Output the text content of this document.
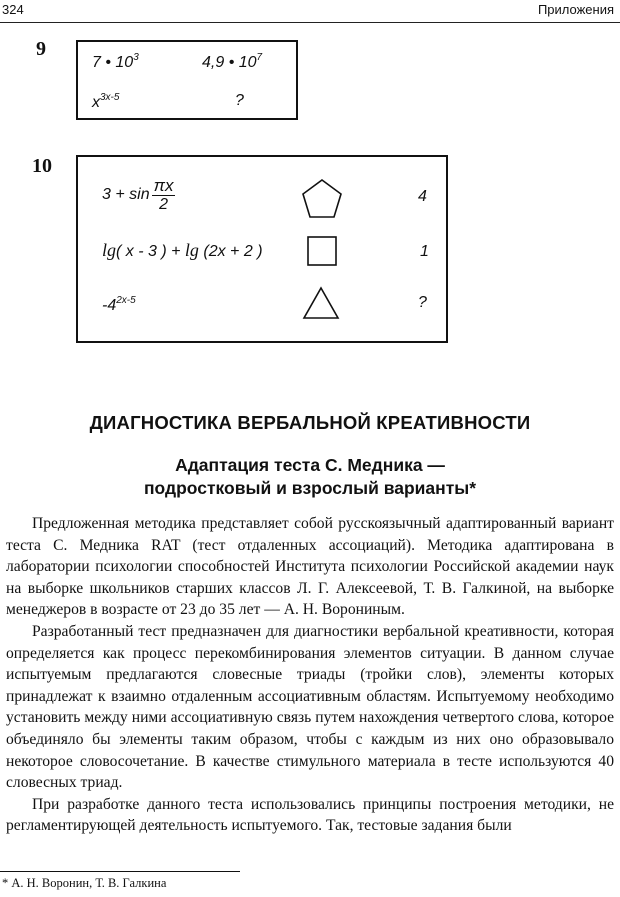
324	Приложения
9
7 • $10^3$	4,9 • $10^7$
$x^{3x-5}$	?
10
$3 + \sin \frac{\pi x}{2}$	4
lg( x - 3 ) + lg (2x + 2 )	1
$-4^{2x-5}$	?
ДИАГНОСТИКА ВЕРБАЛЬНОЙ КРЕАТИВНОСТИ
Адаптация теста С. Медника —
подростковый и взрослый варианты*

Предложенная методика представляет собой русскоязычный адаптированный вариант теста С. Медника RAT (тест отдаленных ассоциаций). Методика адаптирована в лаборатории психологии способностей Института психологии Российской академии наук на выборке школьников старших классов Л. Г. Алексеевой, Т. В. Галкиной, на выборке менеджеров в возрасте от 23 до 35 лет — А. Н. Ворониным.

Разработанный тест предназначен для диагностики вербальной креативности, которая определяется как процесс перекомбинирования элементов ситуации. В данном случае испытуемым предлагаются словесные триады (тройки слов), элементы которых принадлежат к взаимно отдаленным ассоциативным областям. Испытуемому необходимо установить между ними ассоциативную связь путем нахождения четвертого слова, которое объединяло бы элементы таким образом, чтобы с каждым из них оно образовывало некоторое словосочетание. В качестве стимульного материала в тесте используются 40 словесных триад.

При разработке данного теста использовались принципы построения методики, не регламентирующей деятельность испытуемого. Так, тестовые задания были

* А. Н. Воронин, Т. В. Галкина
